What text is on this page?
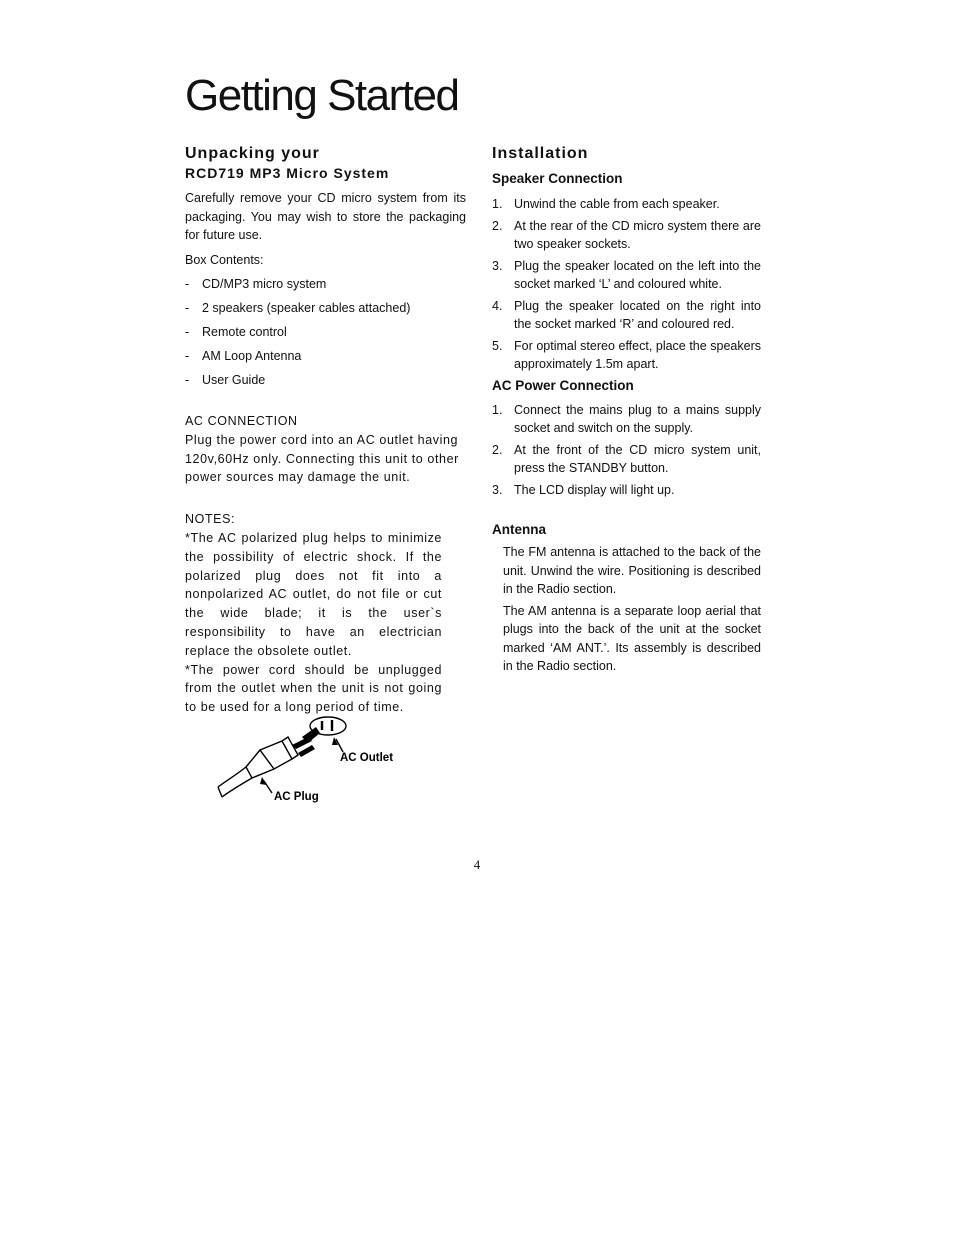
Getting Started
Unpacking your
RCD719 MP3 Micro System

Carefully remove your CD micro system from its packaging. You may wish to store the packaging for future use.

Box Contents:

-	CD/MP3 micro system
-	2 speakers (speaker cables attached)
-	Remote control
-	AM Loop Antenna
-	User Guide

AC CONNECTION

Plug the power cord into an AC outlet having 120v,60Hz only. Connecting this unit to other power sources may damage the unit.

NOTES:

*The AC polarized plug helps to minimize the possibility of electric shock. If the polarized plug does not fit into a nonpolarized AC outlet, do not file or cut the wide blade; it is the user`s responsibility to have an electrician replace the obsolete outlet.

*The power cord should be unplugged from the outlet when the unit is not going to be used for a long period of time.

AC Outlet
AC Plug
Installation
Speaker Connection
1. Unwind the cable from each speaker.
2. At the rear of the CD micro system there are two speaker sockets.
3. Plug the speaker located on the left into the socket marked ‘L’ and coloured white.
4. Plug the speaker located on the right into the socket marked ‘R’ and coloured red.
5. For optimal stereo effect, place the speakers approximately 1.5m apart.
AC Power Connection
1. Connect the mains plug to a mains supply socket and switch on the supply.
2. At the front of the CD micro system unit, press the STANDBY button.
3. The LCD display will light up.
Antenna

The FM antenna is attached to the back of the unit. Unwind the wire. Positioning is described in the Radio section.

The AM antenna is a separate loop aerial that plugs into the back of the unit at the socket marked ‘AM ANT.’. Its assembly is described in the Radio section.

4
